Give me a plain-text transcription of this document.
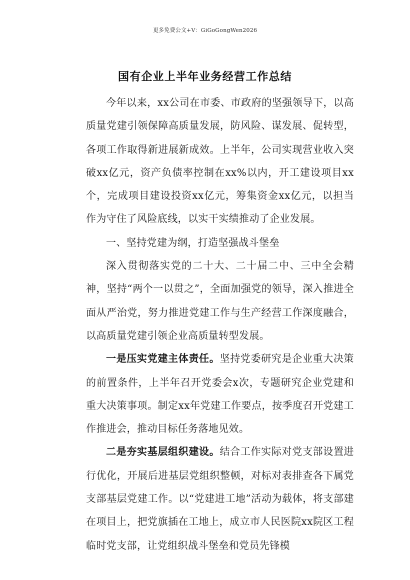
更多免费公文+V：GiGoGongWen2026
国有企业上半年业务经营工作总结

今年以来，xx公司在市委、市政府的坚强领导下，以高质量党建引领保障高质量发展，防风险、谋发展、促转型，各项工作取得新进展新成效。上半年，公司实现营业收入突破xx亿元，资产负债率控制在xx%以内，开工建设项目xx个，完成项目建设投资xx亿元，筹集资金xx亿元，以担当作为守住了风险底线，以实干实绩推动了企业发展。

一、坚持党建为纲，打造坚强战斗堡垒

深入贯彻落实党的二十大、二十届二中、三中全会精神，坚持“两个一以贯之”，全面加强党的领导，深入推进全面从严治党，努力推进党建工作与生产经营工作深度融合，以高质量党建引领企业高质量转型发展。

一是压实党建主体责任。坚持党委研究是企业重大决策的前置条件，上半年召开党委会x次，专题研究企业党建和重大决策事项。制定xx年党建工作要点，按季度召开党建工作推进会，推动目标任务落地见效。

二是夯实基层组织建设。结合工作实际对党支部设置进行优化，开展后进基层党组织整顿，对标对表排查各下属党支部基层党建工作。以“党建进工地”活动为载体，将支部建在项目上，把党旗插在工地上，成立市人民医院xx院区工程临时党支部，让党组织战斗堡垒和党员先锋模
